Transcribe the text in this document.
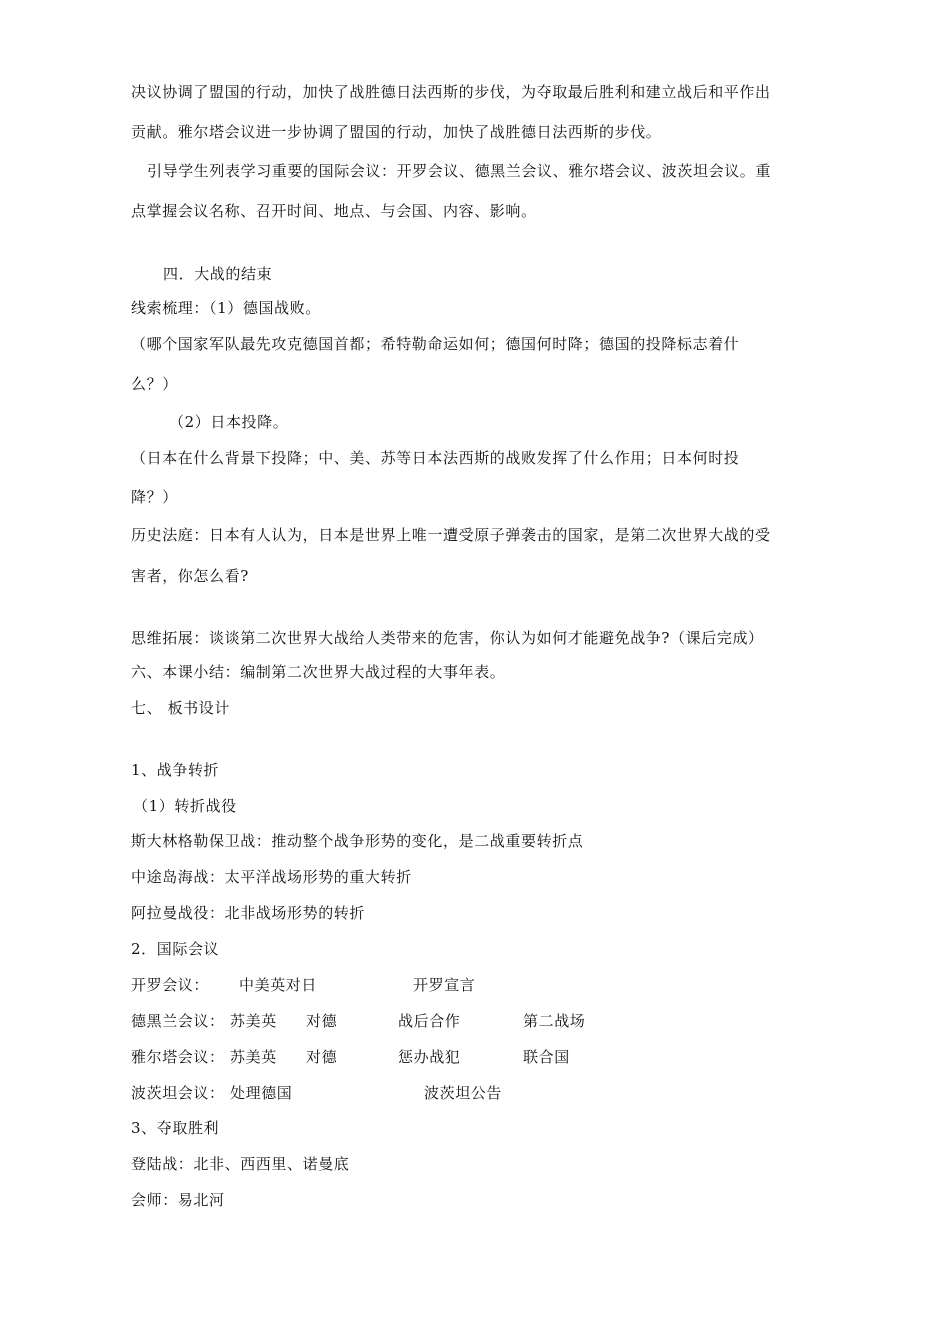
决议协调了盟国的行动，加快了战胜德日法西斯的步伐，为夺取最后胜利和建立战后和平作出
贡献。雅尔塔会议进一步协调了盟国的行动，加快了战胜德日法西斯的步伐。
引导学生列表学习重要的国际会议：开罗会议、德黑兰会议、雅尔塔会议、波茨坦会议。重
点掌握会议名称、召开时间、地点、与会国、内容、影响。
四．大战的结束
线索梳理：（1）德国战败。
（哪个国家军队最先攻克德国首都；希特勒命运如何；德国何时降；德国的投降标志着什
么？）
（2）日本投降。
（日本在什么背景下投降；中、美、苏等日本法西斯的战败发挥了什么作用；日本何时投
降？）
历史法庭：日本有人认为，日本是世界上唯一遭受原子弹袭击的国家，是第二次世界大战的受
害者，你怎么看?
思维拓展：谈谈第二次世界大战给人类带来的危害，你认为如何才能避免战争?（课后完成）
六、本课小结：编制第二次世界大战过程的大事年表。
七、 板书设计
1、战争转折
（1）转折战役
斯大林格勒保卫战：推动整个战争形势的变化，是二战重要转折点
中途岛海战：太平洋战场形势的重大转折
阿拉曼战役：北非战场形势的转折
2．国际会议
开罗会议： 中美英对日	开罗宣言
德黑兰会议： 苏美英 对德	战后合作	第二战场
雅尔塔会议： 苏美英 对德	惩办战犯	联合国
波茨坦会议： 处理德国	波茨坦公告
3、夺取胜利
登陆战：北非、西西里、诺曼底
会师：易北河
